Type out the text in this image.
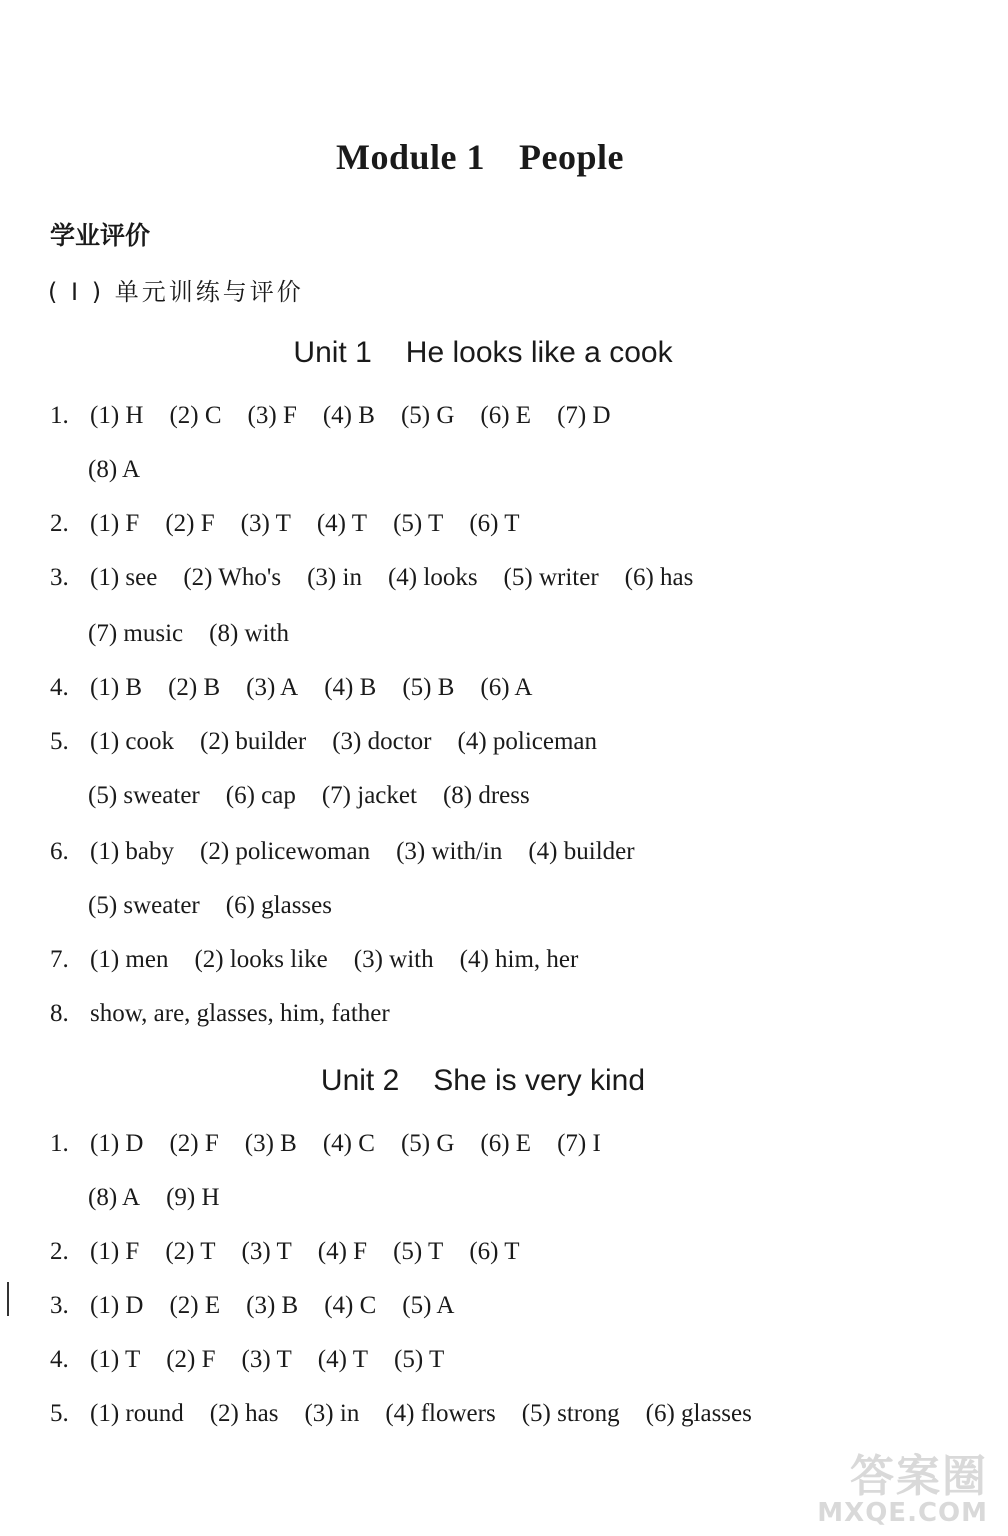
Module 1 People
学业评价
( I ) 单元训练与评价
Unit 1 He looks like a cook
1. (1) H (2) C (3) F (4) B (5) G (6) E (7) D
(8) A
2. (1) F (2) F (3) T (4) T (5) T (6) T
3. (1) see (2) Who's (3) in (4) looks (5) writer (6) has
(7) music (8) with
4. (1) B (2) B (3) A (4) B (5) B (6) A
5. (1) cook (2) builder (3) doctor (4) policeman
(5) sweater (6) cap (7) jacket (8) dress
6. (1) baby (2) policewoman (3) with/in (4) builder
(5) sweater (6) glasses
7. (1) men (2) looks like (3) with (4) him, her
8. show, are, glasses, him, father
Unit 2 She is very kind
1. (1) D (2) F (3) B (4) C (5) G (6) E (7) I
(8) A (9) H
2. (1) F (2) T (3) T (4) F (5) T (6) T
3. (1) D (2) E (3) B (4) C (5) A
4. (1) T (2) F (3) T (4) T (5) T
5. (1) round (2) has (3) in (4) flowers (5) strong (6) glasses
答案圈
MXQE.COM
